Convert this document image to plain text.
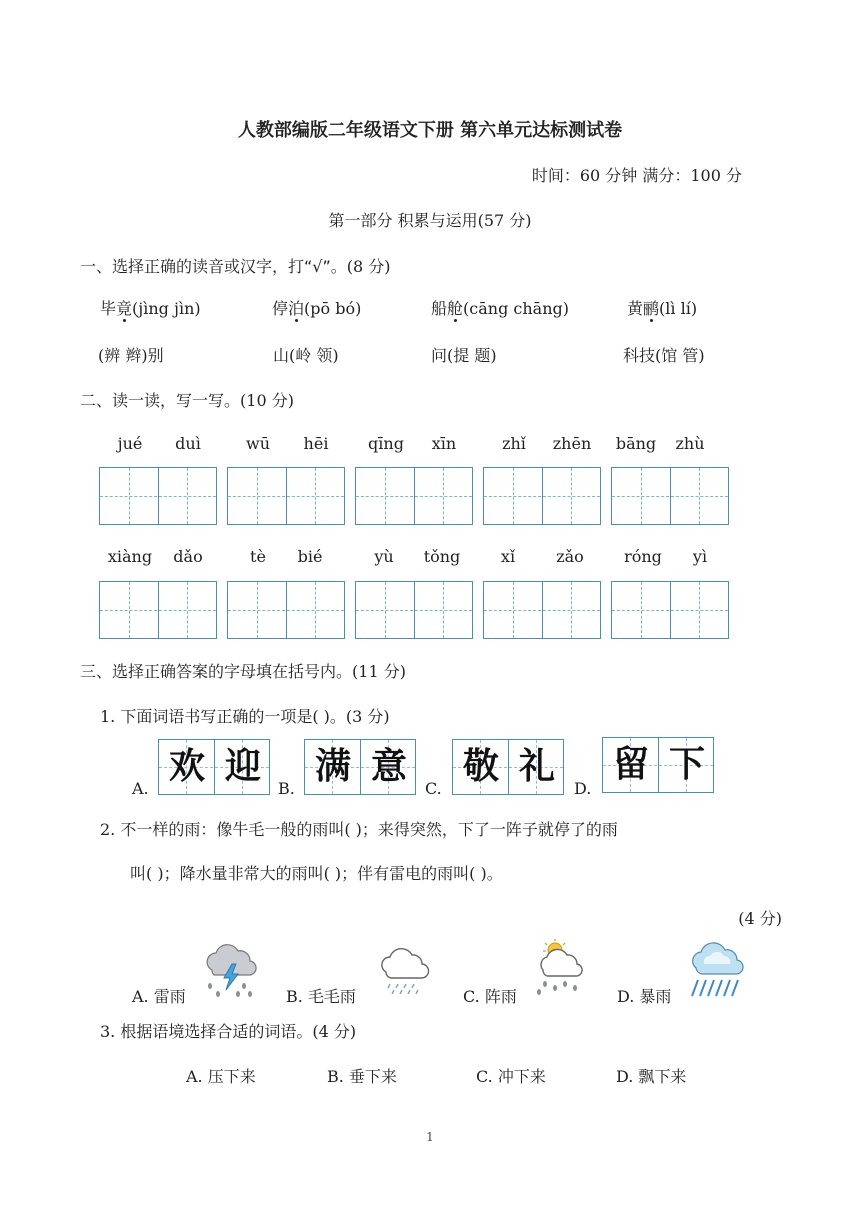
人教部编版二年级语文下册 第六单元达标测试卷
时间：60 分钟 满分：100 分
第一部分 积累与运用(57 分)
一、选择正确的读音或汉字，打“√”。(8 分)
毕竟(jìng jìn)	停泊(pō bó)	船舱(cāng chāng)	黄鹂(lì lí)
(辨 辫)别	山(岭 领)	问(提 题)	科技(馆 管)
二、读一读，写一写。(10 分)
jué	duì	wū	hēi	qīng	xīn	zhǐ	zhēn	bāng	zhù
xiàng	dǎo	tè	bié	yù	tǒng	xǐ	zǎo	róng	yì
三、选择正确答案的字母填在括号内。(11 分)
1. 下面词语书写正确的一项是( )。(3 分)
A.
欢 迎
B.
满 意
C.
敬 礼
D.
留 下
2. 不一样的雨：像牛毛一般的雨叫( )；来得突然，下了一阵子就停了的雨
叫( )；降水量非常大的雨叫( )；伴有雷电的雨叫( )。
(4 分)
A. 雷雨	B. 毛毛雨	C. 阵雨	D. 暴雨
3. 根据语境选择合适的词语。(4 分)
A. 压下来	B. 垂下来	C. 冲下来	D. 飘下来
1
